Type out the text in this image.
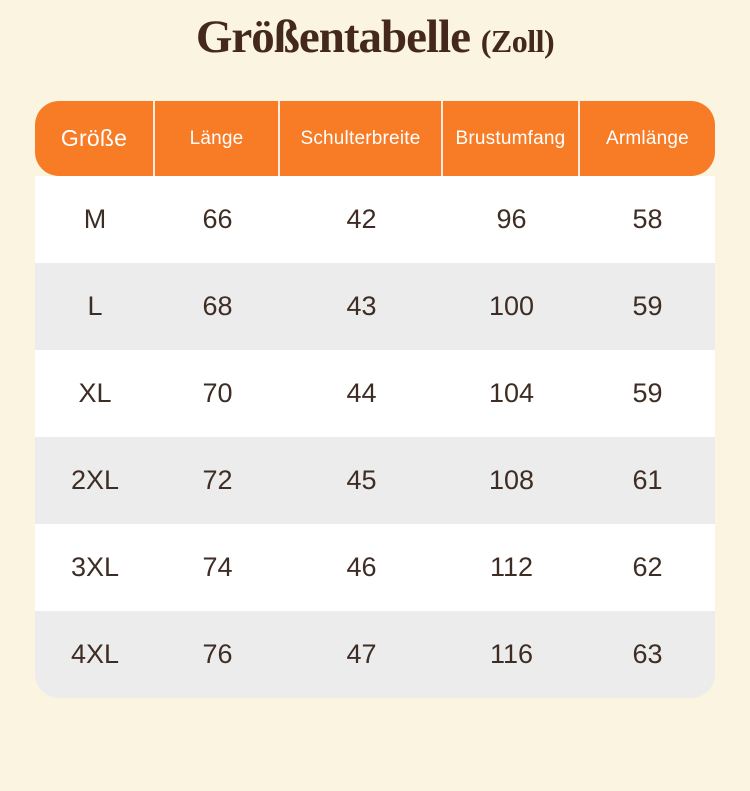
Größentabelle (Zoll)
Größe	Länge	Schulterbreite	Brustumfang	Armlänge
M	66	42	96	58
L	68	43	100	59
XL	70	44	104	59
2XL	72	45	108	61
3XL	74	46	112	62
4XL	76	47	116	63
